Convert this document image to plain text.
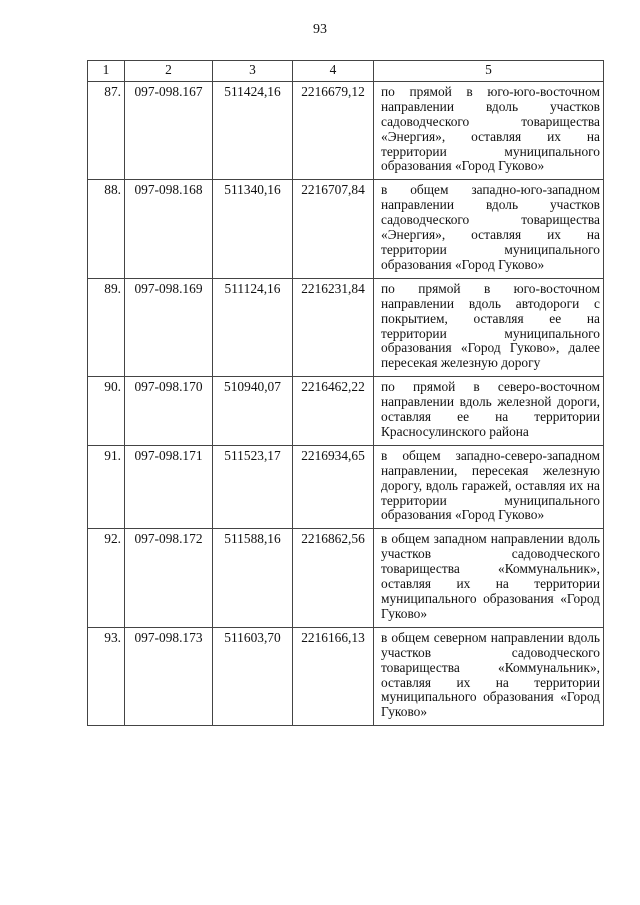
93
1	2	3	4	5
87.	097-098.167	511424,16	2216679,12	по прямой в юго-юго-восточном направлении вдоль участков садоводческого товарищества «Энергия», оставляя их на территории муниципального образования «Город Гуково»
88.	097-098.168	511340,16	2216707,84	в общем западно-юго-западном направлении вдоль участков садоводческого товарищества «Энергия», оставляя их на территории муниципального образования «Город Гуково»
89.	097-098.169	511124,16	2216231,84	по прямой в юго-восточном направлении вдоль автодороги с покрытием, оставляя ее на территории муниципального образования «Город Гуково», далее пересекая железную дорогу
90.	097-098.170	510940,07	2216462,22	по прямой в северо-восточном направлении вдоль железной дороги, оставляя ее на территории Красносулинского района
91.	097-098.171	511523,17	2216934,65	в общем западно-северо-западном направлении, пересекая железную дорогу, вдоль гаражей, оставляя их на территории муниципального образования «Город Гуково»
92.	097-098.172	511588,16	2216862,56	в общем западном направлении вдоль участков садоводческого товарищества «Коммунальник», оставляя их на территории муниципального образования «Город Гуково»
93.	097-098.173	511603,70	2216166,13	в общем северном направлении вдоль участков садоводческого товарищества «Коммунальник», оставляя их на территории муниципального образования «Город Гуково»
